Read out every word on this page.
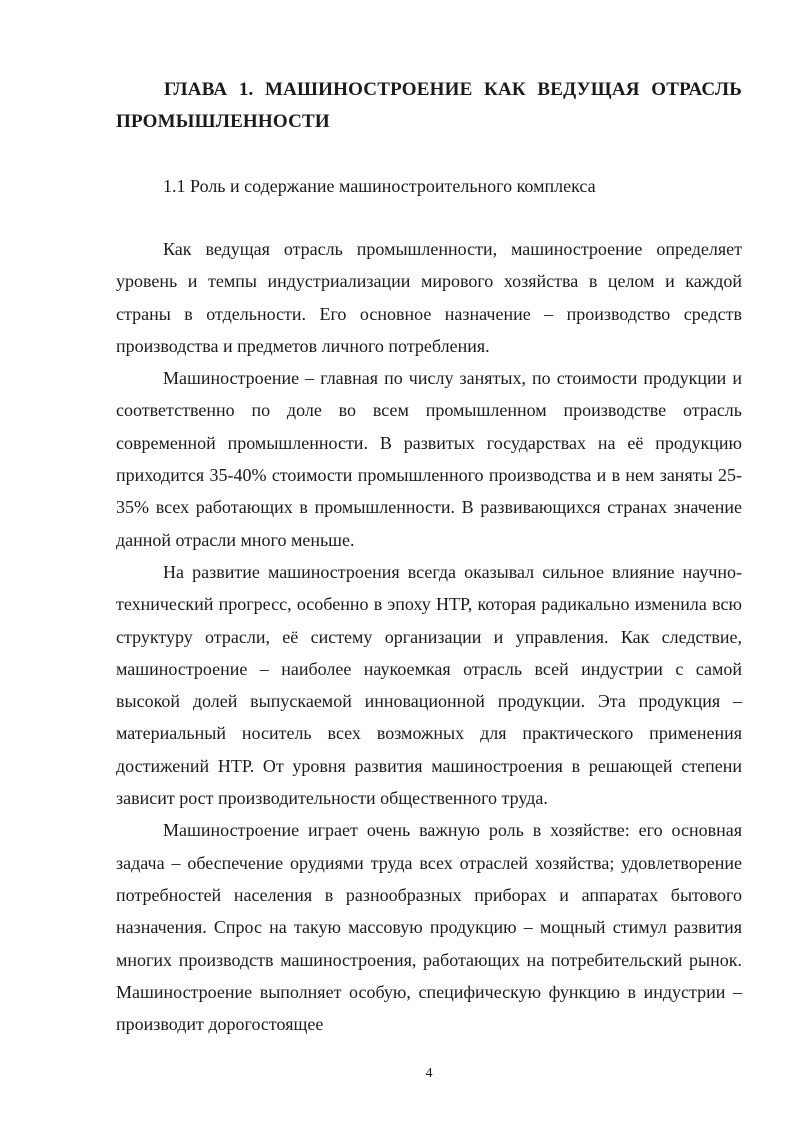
ГЛАВА 1. МАШИНОСТРОЕНИЕ КАК ВЕДУЩАЯ ОТРАСЛЬ ПРОМЫШЛЕННОСТИ
1.1 Роль и содержание машиностроительного комплекса

Как ведущая отрасль промышленности, машиностроение определяет уровень и темпы индустриализации мирового хозяйства в целом и каждой страны в отдельности. Его основное назначение – производство средств производства и предметов личного потребления.

Машиностроение – главная по числу занятых, по стоимости продукции и соответственно по доле во всем промышленном производстве отрасль современной промышленности. В развитых государствах на её продукцию приходится 35-40% стоимости промышленного производства и в нем заняты 25-35% всех работающих в промышленности. В развивающихся странах значение данной отрасли много меньше.

На развитие машиностроения всегда оказывал сильное влияние научно-технический прогресс, особенно в эпоху НТР, которая радикально изменила всю структуру отрасли, её систему организации и управления. Как следствие, машиностроение – наиболее наукоемкая отрасль всей индустрии с самой высокой долей выпускаемой инновационной продукции. Эта продукция – материальный носитель всех возможных для практического применения достижений НТР. От уровня развития машиностроения в решающей степени зависит рост производительности общественного труда.

Машиностроение играет очень важную роль в хозяйстве: его основная задача – обеспечение орудиями труда всех отраслей хозяйства; удовлетворение потребностей населения в разнообразных приборах и аппаратах бытового назначения. Спрос на такую массовую продукцию – мощный стимул развития многих производств машиностроения, работающих на потребительский рынок. Машиностроение выполняет особую, специфическую функцию в индустрии – производит дорогостоящее

4
